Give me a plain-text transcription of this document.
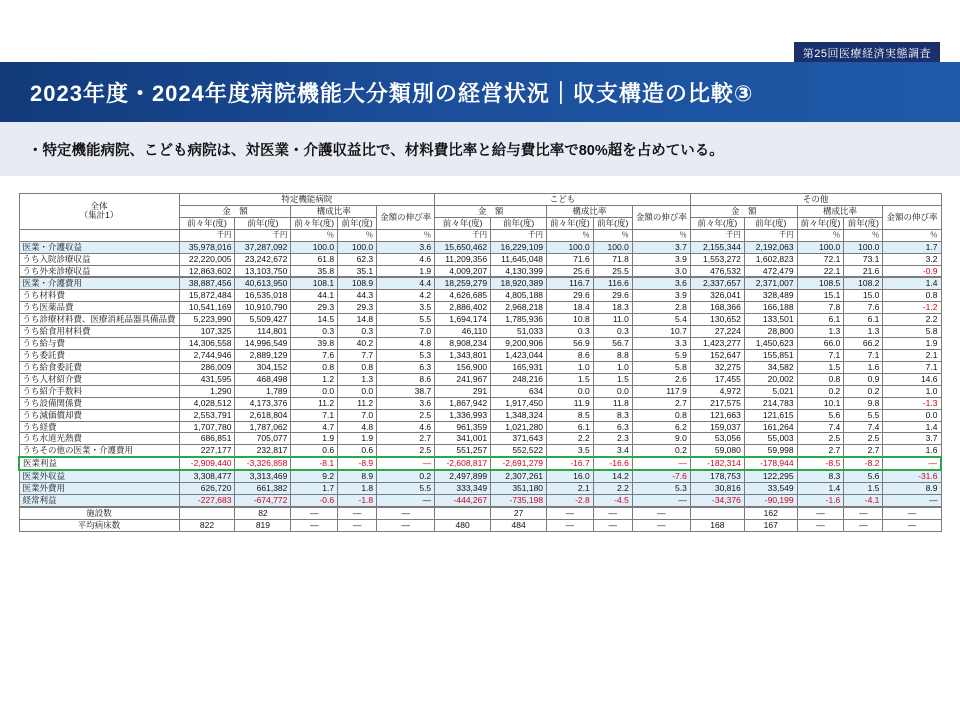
第25回医療経済実態調査
2023年度・2024年度病院機能大分類別の経営状況｜収支構造の比較③
・特定機能病院、こども病院は、対医業・介護収益比で、材料費比率と給与費比率で80%超を占めている。
全体
（集計1）	特定機能病院					こども					その他				
	金　額		構成比率		金額の伸び率	金　額		構成比率		金額の伸び率	金　額		構成比率		金額の伸び率
	前々年(度)	前年(度)	前々年(度)	前年(度)		前々年(度)	前年(度)	前々年(度)	前年(度)		前々年(度)	前年(度)	前々年(度)	前年(度)	
	千円	千円	％	％	％	千円	千円	％	％	％	千円	千円	％	％	％
医業・介護収益	35,978,016	37,287,092	100.0	100.0	3.6	15,650,462	16,229,109	100.0	100.0	3.7	2,155,344	2,192,063	100.0	100.0	1.7
うち入院診療収益	22,220,005	23,242,672	61.8	62.3	4.6	11,209,356	11,645,048	71.6	71.8	3.9	1,553,272	1,602,823	72.1	73.1	3.2
うち外来診療収益	12,863,602	13,103,750	35.8	35.1	1.9	4,009,207	4,130,399	25.6	25.5	3.0	476,532	472,479	22.1	21.6	-0.9
医業・介護費用	38,887,456	40,613,950	108.1	108.9	4.4	18,259,279	18,920,389	116.7	116.6	3.6	2,337,657	2,371,007	108.5	108.2	1.4
うち材料費	15,872,484	16,535,018	44.1	44.3	4.2	4,626,685	4,805,188	29.6	29.6	3.9	326,041	328,489	15.1	15.0	0.8
うち医薬品費	10,541,169	10,910,790	29.3	29.3	3.5	2,886,402	2,968,218	18.4	18.3	2.8	168,366	166,188	7.8	7.6	-1.2
うち診療材料費、医療消耗品器具備品費	5,223,990	5,509,427	14.5	14.8	5.5	1,694,174	1,785,936	10.8	11.0	5.4	130,652	133,501	6.1	6.1	2.2
うち給食用材料費	107,325	114,801	0.3	0.3	7.0	46,110	51,033	0.3	0.3	10.7	27,224	28,800	1.3	1.3	5.8
うち給与費	14,306,558	14,996,549	39.8	40.2	4.8	8,908,234	9,200,906	56.9	56.7	3.3	1,423,277	1,450,623	66.0	66.2	1.9
うち委託費	2,744,946	2,889,129	7.6	7.7	5.3	1,343,801	1,423,044	8.6	8.8	5.9	152,647	155,851	7.1	7.1	2.1
うち給食委託費	286,009	304,152	0.8	0.8	6.3	156,900	165,931	1.0	1.0	5.8	32,275	34,582	1.5	1.6	7.1
うち人材紹介費	431,595	468,498	1.2	1.3	8.6	241,967	248,216	1.5	1.5	2.6	17,455	20,002	0.8	0.9	14.6
うち紹介手数料	1,290	1,789	0.0	0.0	38.7	291	634	0.0	0.0	117.9	4,972	5,021	0.2	0.2	1.0
うち設備関係費	4,028,512	4,173,376	11.2	11.2	3.6	1,867,942	1,917,450	11.9	11.8	2.7	217,575	214,783	10.1	9.8	-1.3
うち減価償却費	2,553,791	2,618,804	7.1	7.0	2.5	1,336,993	1,348,324	8.5	8.3	0.8	121,663	121,615	5.6	5.5	0.0
うち経費	1,707,780	1,787,062	4.7	4.8	4.6	961,359	1,021,280	6.1	6.3	6.2	159,037	161,264	7.4	7.4	1.4
うち水道光熱費	686,851	705,077	1.9	1.9	2.7	341,001	371,643	2.2	2.3	9.0	53,056	55,003	2.5	2.5	3.7
うちその他の医業・介護費用	227,177	232,817	0.6	0.6	2.5	551,257	552,522	3.5	3.4	0.2	59,080	59,998	2.7	2.7	1.6
医業利益	-2,909,440	-3,326,858	-8.1	-8.9	—	-2,608,817	-2,691,279	-16.7	-16.6	—	-182,314	-178,944	-8.5	-8.2	—
医業外収益	3,308,477	3,313,469	9.2	8.9	0.2	2,497,899	2,307,261	16.0	14.2	-7.6	178,753	122,295	8.3	5.6	-31.6
医業外費用	626,720	661,382	1.7	1.8	5.5	333,349	351,180	2.1	2.2	5.3	30,816	33,549	1.4	1.5	8.9
経常利益	-227,683	-674,772	-0.6	-1.8	—	-444,267	-735,198	-2.8	-4.5	—	-34,376	-90,199	-1.6	-4.1	—
施設数		82	—	—	—		27	—	—	—		162	—	—	—
平均病床数	822	819	—	—	—	480	484	—	—	—	168	167	—	—	—
